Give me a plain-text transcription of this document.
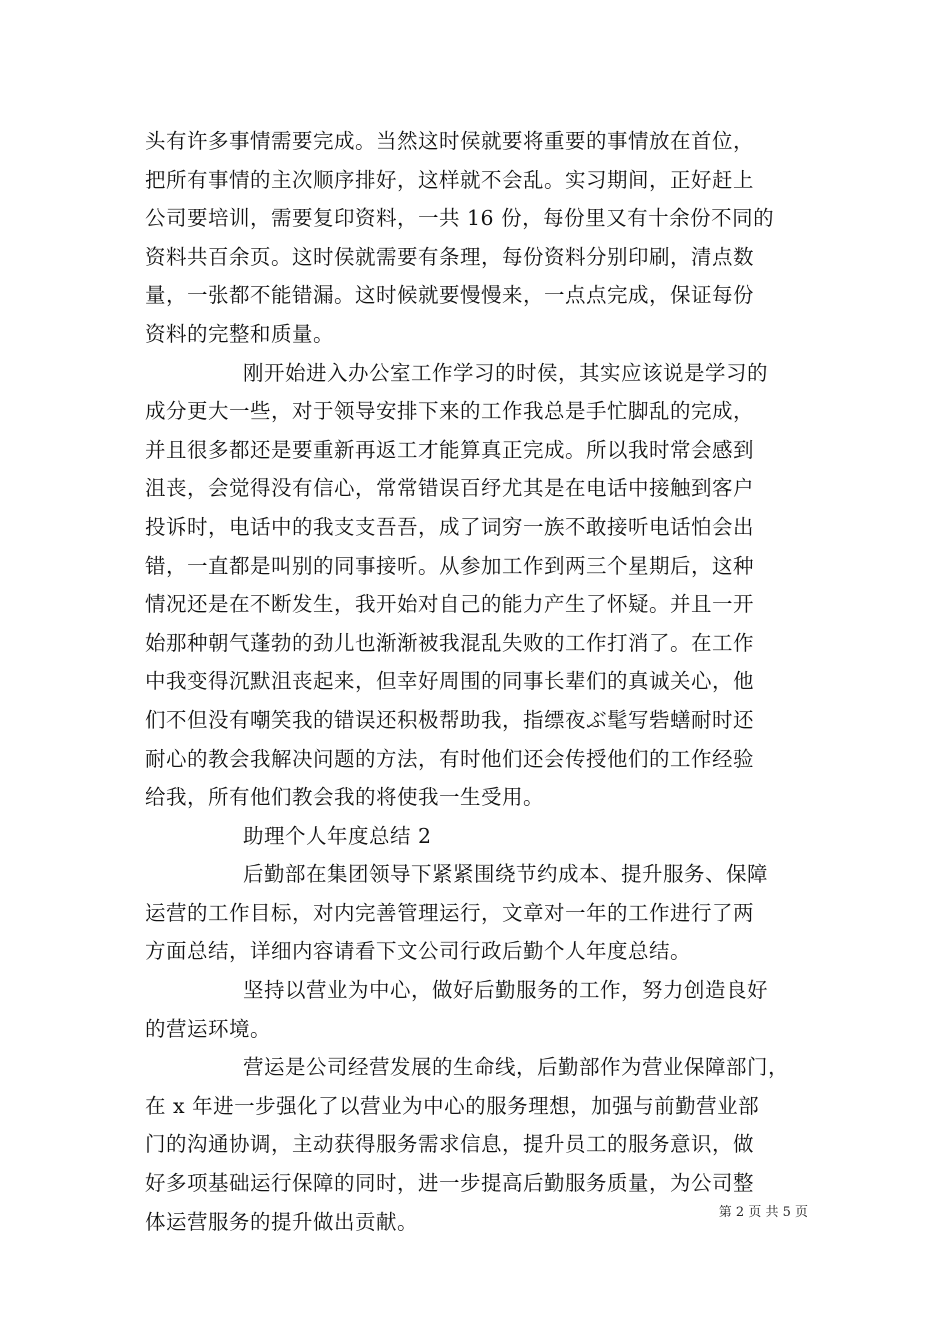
头有许多事情需要完成。当然这时侯就要将重要的事情放在首位，
把所有事情的主次顺序排好，这样就不会乱。实习期间，正好赶上
公司要培训，需要复印资料，一共 16 份，每份里又有十余份不同的
资料共百余页。这时侯就需要有条理，每份资料分别印刷，清点数
量，一张都不能错漏。这时候就要慢慢来，一点点完成，保证每份
资料的完整和质量。
刚开始进入办公室工作学习的时侯，其实应该说是学习的
成分更大一些，对于领导安排下来的工作我总是手忙脚乱的完成，
并且很多都还是要重新再返工才能算真正完成。所以我时常会感到
沮丧，会觉得没有信心，常常错误百纾尤其是在电话中接触到客户
投诉时，电话中的我支支吾吾，成了词穷一族不敢接听电话怕会出
错，一直都是叫别的同事接听。从参加工作到两三个星期后，这种
情况还是在不断发生，我开始对自己的能力产生了怀疑。并且一开
始那种朝气蓬勃的劲儿也渐渐被我混乱失败的工作打消了。在工作
中我变得沉默沮丧起来，但幸好周围的同事长辈们的真诚关心，他
们不但没有嘲笑我的错误还积极帮助我，指缥夜ぶ髦写砦蟮耐时还
耐心的教会我解决问题的方法，有时他们还会传授他们的工作经验
给我，所有他们教会我的将使我一生受用。
助理个人年度总结 2
后勤部在集团领导下紧紧围绕节约成本、提升服务、保障
运营的工作目标，对内完善管理运行，文章对一年的工作进行了两
方面总结，详细内容请看下文公司行政后勤个人年度总结。
坚持以营业为中心，做好后勤服务的工作，努力创造良好
的营运环境。
营运是公司经营发展的生命线，后勤部作为营业保障部门，
在 x 年进一步强化了以营业为中心的服务理想，加强与前勤营业部
门的沟通协调，主动获得服务需求信息，提升员工的服务意识，做
好多项基础运行保障的同时，进一步提高后勤服务质量，为公司整
体运营服务的提升做出贡献。	第 2 页 共 5 页
